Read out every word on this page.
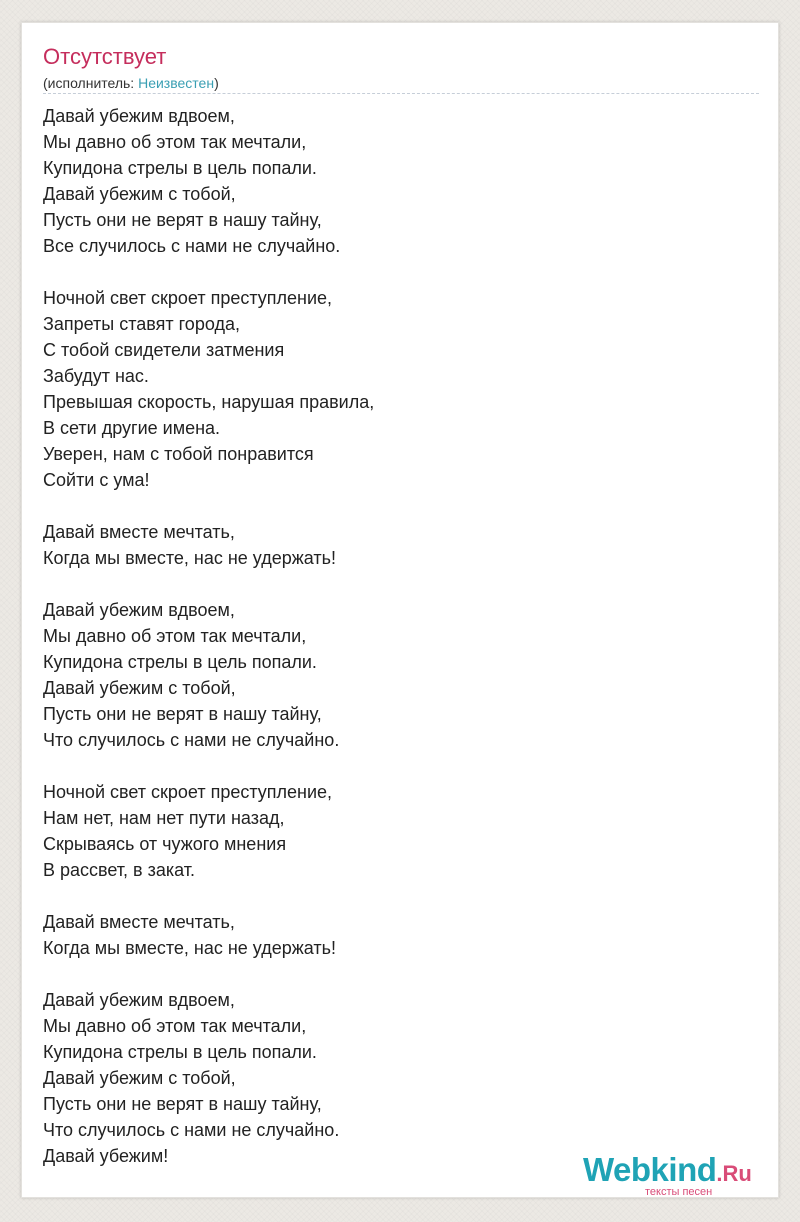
Отсутствует
(исполнитель: Неизвестен)
Давай убежим вдвоем,
Мы давно об этом так мечтали,
Купидона стрелы в цель попали.
Давай убежим с тобой,
Пусть они не верят в нашу тайну,
Все случилось с нами не случайно.
Ночной свет скроет преступление,
Запреты ставят города,
С тобой свидетели затмения
Забудут нас.
Превышая скорость, нарушая правила,
В сети другие имена.
Уверен, нам с тобой понравится
Сойти с ума!
Давай вместе мечтать,
Когда мы вместе, нас не удержать!
Давай убежим вдвоем,
Мы давно об этом так мечтали,
Купидона стрелы в цель попали.
Давай убежим с тобой,
Пусть они не верят в нашу тайну,
Что случилось с нами не случайно.
Ночной свет скроет преступление,
Нам нет, нам нет пути назад,
Скрываясь от чужого мнения
В рассвет, в закат.
Давай вместе мечтать,
Когда мы вместе, нас не удержать!
Давай убежим вдвоем,
Мы давно об этом так мечтали,
Купидона стрелы в цель попали.
Давай убежим с тобой,
Пусть они не верят в нашу тайну,
Что случилось с нами не случайно.
Давай убежим!	Webkind.Ru
тексты песен
